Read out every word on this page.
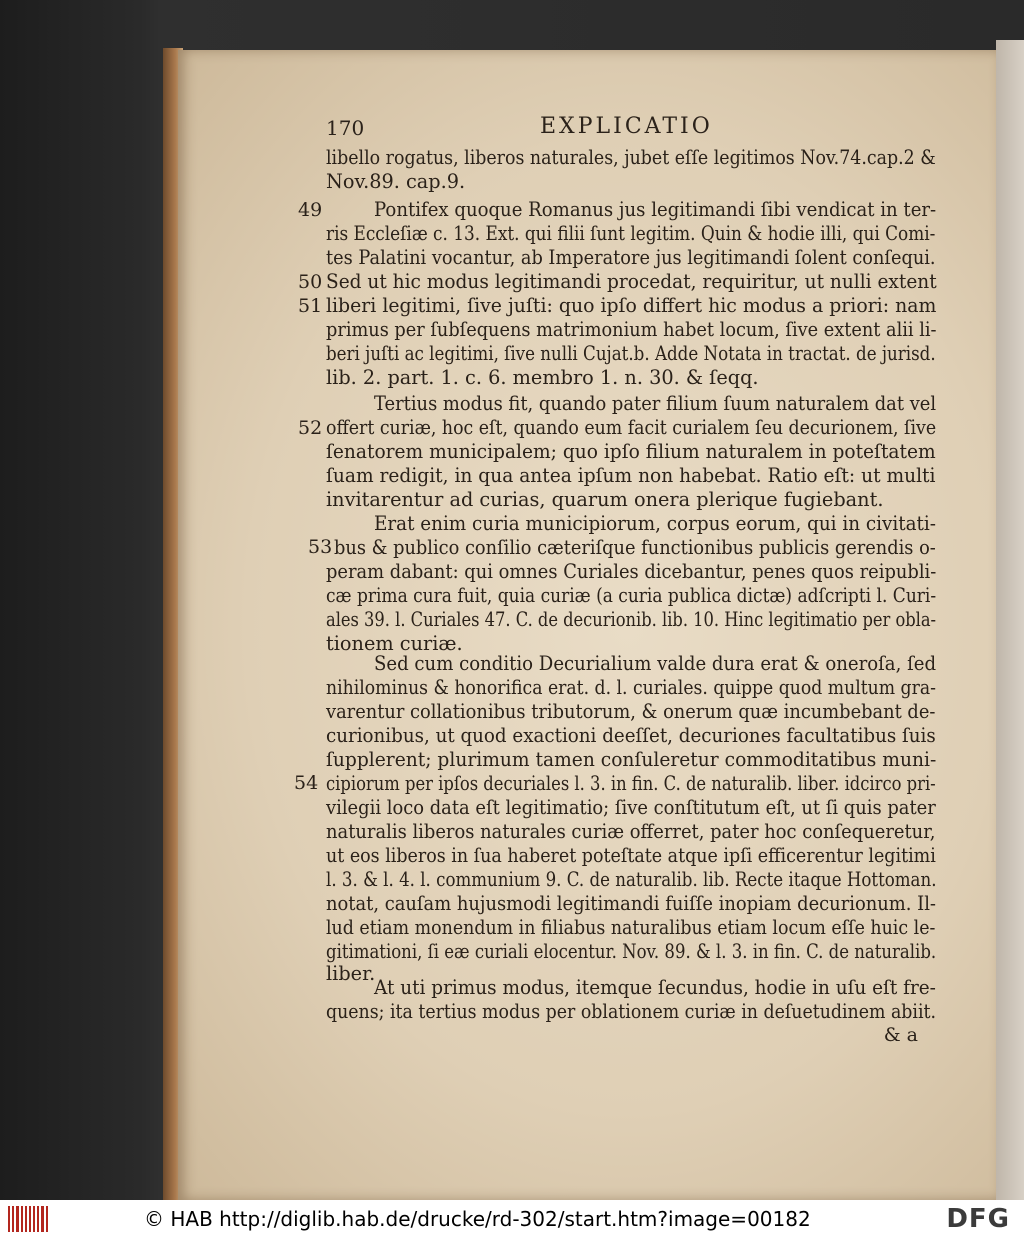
170	EXPLICATIO
libello rogatus, liberos naturales, jubet eſſe legitimos Nov.74.cap.2 &
Nov.89. cap.9.
49	Pontifex quoque Romanus jus legitimandi ſibi vendicat in ter-
ris Eccleſiæ c. 13. Ext. qui filii ſunt legitim. Quin & hodie illi, qui Comi-
tes Palatini vocantur, ab Imperatore jus legitimandi ſolent conſequi.
50 Sed ut hic modus legitimandi procedat, requiritur, ut nulli extent
51 liberi legitimi, ſive juſti: quo ipſo differt hic modus a priori: nam
primus per ſubſequens matrimonium habet locum, ſive extent alii li-
beri juſti ac legitimi, ſive nulli Cujat.b. Adde Notata in tractat. de jurisd.
lib. 2. part. 1. c. 6. membro 1. n. 30. & ſeqq.
Tertius modus fit, quando pater filium ſuum naturalem dat vel
52 offert curiæ, hoc eſt, quando eum facit curialem ſeu decurionem, ſive
ſenatorem municipalem; quo ipſo filium naturalem in poteſtatem
ſuam redigit, in qua antea ipſum non habebat. Ratio eſt: ut multi
invitarentur ad curias, quarum onera plerique fugiebant.
Erat enim curia municipiorum, corpus eorum, qui in civitati-
53 bus & publico conſilio cæteriſque functionibus publicis gerendis o-
peram dabant: qui omnes Curiales dicebantur, penes quos reipubli-
cæ prima cura fuit, quia curiæ (a curia publica dictæ) adſcripti l. Curi-
ales 39. l. Curiales 47. C. de decurionib. lib. 10. Hinc legitimatio per obla-
tionem curiæ.
Sed cum conditio Decurialium valde dura erat & oneroſa, ſed
nihilominus & honorifica erat. d. l. curiales. quippe quod multum gra-
varentur collationibus tributorum, & onerum quæ incumbebant de-
curionibus, ut quod exactioni deeſſet, decuriones facultatibus ſuis
ſupplerent; plurimum tamen conſuleretur commoditatibus muni-
cipiorum per ipſos decuriales l. 3. in fin. C. de naturalib. liber. idcirco pri-
vilegii loco data eſt legitimatio; ſive conſtitutum eſt, ut ſi quis pater
54
naturalis liberos naturales curiæ offerret, pater hoc conſequeretur,
ut eos liberos in ſua haberet poteſtate atque ipſi efficerentur legitimi
l. 3. & l. 4. l. communium 9. C. de naturalib. lib. Recte itaque Hottoman.
notat, cauſam hujusmodi legitimandi fuiſſe inopiam decurionum. Il-
lud etiam monendum in filiabus naturalibus etiam locum eſſe huic le-
gitimationi, ſi eæ curiali elocentur. Nov. 89. & l. 3. in fin. C. de naturalib.
liber.
At uti primus modus, itemque ſecundus, hodie in uſu eſt fre-
quens; ita tertius modus per oblationem curiæ in deſuetudinem abiit.
& a
© HAB http://diglib.hab.de/drucke/rd-302/start.htm?image=00182	DFG
